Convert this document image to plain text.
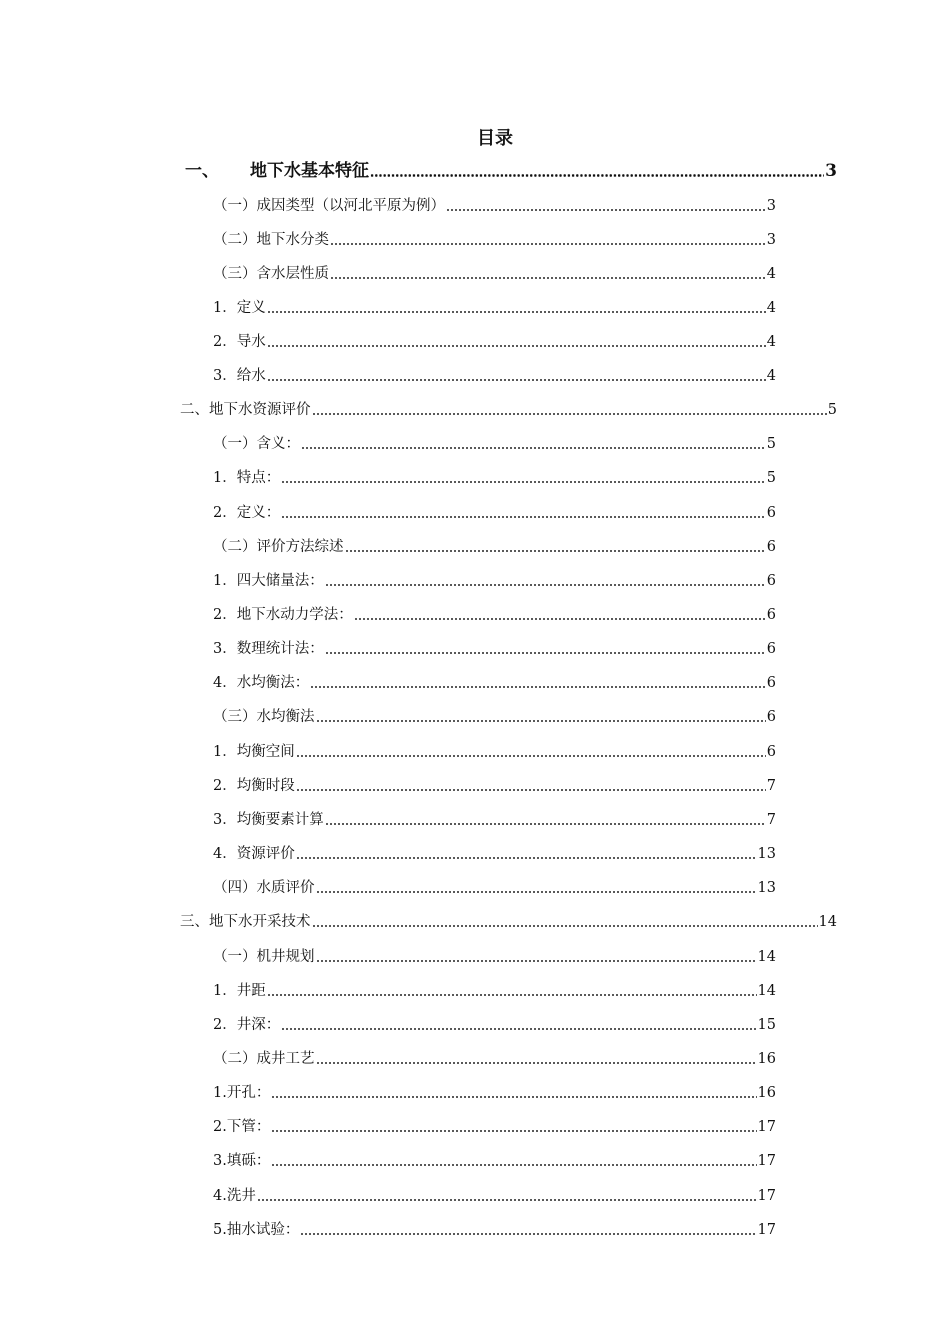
目录
一、	地下水基本特征	3
（一）成因类型（以河北平原为例）	3
（二）地下水分类	3
（三）含水层性质	4
1．定义	4
2．导水	4
3．给水	4
二、地下水资源评价	5
（一）含义：	5
1．特点：	5
2．定义：	6
（二）评价方法综述	6
1．四大储量法：	6
2．地下水动力学法：	6
3．数理统计法：	6
4．水均衡法：	6
（三）水均衡法	6
1．均衡空间	6
2．均衡时段	7
3．均衡要素计算	7
4．资源评价	13
（四）水质评价	13
三、地下水开采技术	14
（一）机井规划	14
1．井距	14
2．井深：	15
（二）成井工艺	16
1.开孔：	16
2.下管：	17
3.填砾：	17
4.洗井	17
5.抽水试验：	17
